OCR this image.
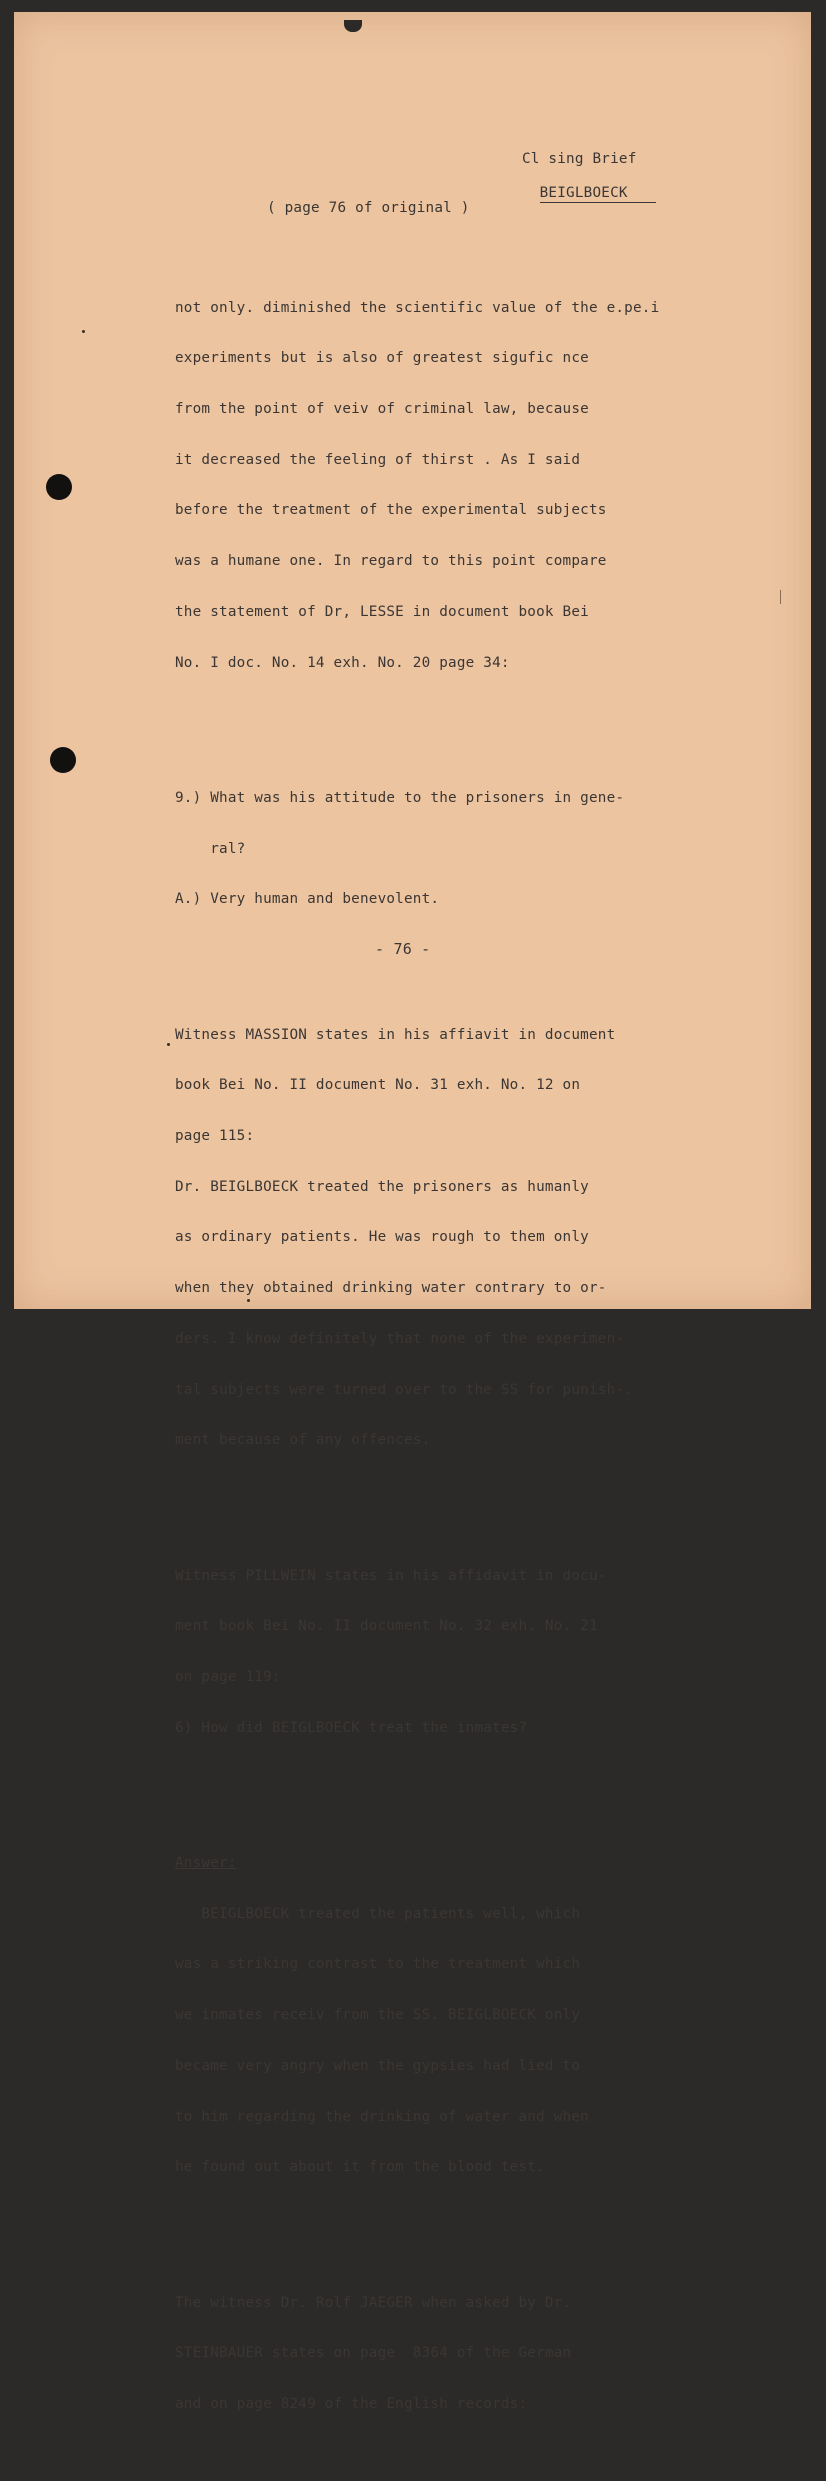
Cl sing Brief

BEIGLBOECK

( page 76 of original )

not only. diminished the scientific value of the e.pe.i

experiments but is also of greatest sigufic nce

from the point of veiv of criminal law, because

it decreased the feeling of thirst . As I said

before the treatment of the experimental subjects

was a humane one. In regard to this point compare

the statement of Dr, LESSE in document book Bei

No. I doc. No. 14 exh. No. 20 page 34:

9.) What was his attitude to the prisoners in gene-

ral?

A.) Very human and benevolent.

Witness MASSION states in his affiavit in document

book Bei No. II document No. 31 exh. No. 12 on

page 115:

Dr. BEIGLBOECK treated the prisoners as humanly

as ordinary patients. He was rough to them only

when they obtained drinking water contrary to or-

ders. I know definitely that none of the experimen-

tal subjects were turned over to the SS for punish-.

ment because of any offences.

Witness PILLWEIN states in his affidavit in docu-

ment book Bei No. II document No. 32 exh. No. 21

on page 119:

6) How did BEIGLBOECK treat the inmates?

Answer:

BEIGLBOECK treated the patients well, which

was a striking contrast to the treatment which

we inmates receiv from the SS. BEIGLBOECK only

became very angry when the gypsies had lied to

to him regarding the drinking of water and when

he found out about it from the blood test.

The witness Dr. Rolf JAEGER when asked by Dr.

STEINBAUER states on page  8364 of the German

and on page 8249 of the English records:

- 76 -
